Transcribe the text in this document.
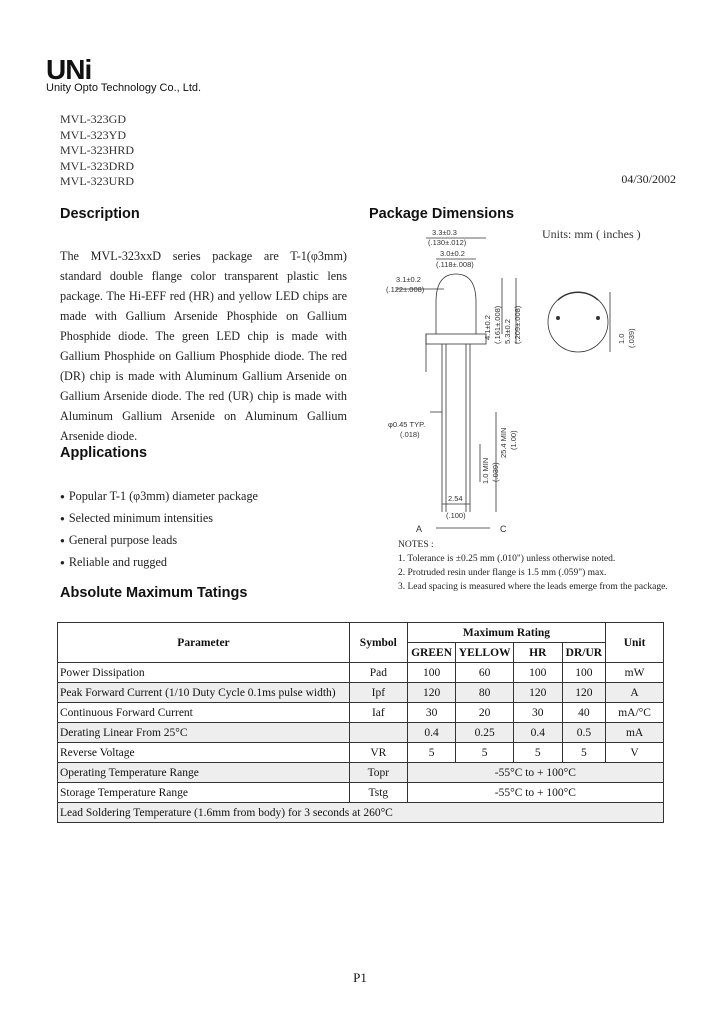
UNi
Unity Opto Technology Co., Ltd.
MVL-323GD
MVL-323YD
MVL-323HRD
MVL-323DRD
MVL-323URD	04/30/2002
Description
The MVL-323xxD series package are T-1(φ3mm) standard double flange color transparent plastic lens package. The Hi-EFF red (HR) and yellow LED chips are made with Gallium Arsenide Phosphide on Gallium Phosphide diode. The green LED chip is made with Gallium Phosphide on Gallium Phosphide diode. The red (DR) chip is made with Aluminum Gallium Arsenide on Gallium Arsenide diode. The red (UR) chip is made with Aluminum Gallium Arsenide on Aluminum Gallium Arsenide diode.
Applications
● Popular T-1 (φ3mm) diameter package
● Selected minimum intensities
● General purpose leads
● Reliable and rugged
Package Dimensions
Units: mm ( inches )
3.3±0.3
(.130±.012)
3.0±0.2
(.118±.008)
3.1±0.2
(.122±.008)
4.1±0.2 (.161±.008) 5.3±0.2 (.209±.008)
φ0.45 TYP.
(.018)
1.0 MIN (.039)
25.4 MIN (1.00)
2.54
(.100)
1.0 (.039)
A	C
NOTES :
1. Tolerance is ±0.25 mm (.010") unless otherwise noted.
2. Protruded resin under flange is 1.5 mm (.059") max.
3. Lead spacing is measured where the leads emerge from the package.
Absolute Maximum Tatings
Parameter	Symbol	Maximum Rating				Unit
		GREEN	YELLOW	HR	DR/UR	
Power Dissipation	Pad	100	60	100	100	mW
Peak Forward Current (1/10 Duty Cycle 0.1ms pulse width)	Ipf	120	80	120	120	A
Continuous Forward Current	Iaf	30	20	30	40	mA/°C
Derating Linear From 25°C		0.4	0.25	0.4	0.5	mA
Reverse Voltage	VR	5	5	5	5	V
Operating Temperature Range	Topr	-55°C to + 100°C				
Storage Temperature Range	Tstg	-55°C to + 100°C				
Lead Soldering Temperature (1.6mm from body) for 3 seconds at 260°C						
P1
